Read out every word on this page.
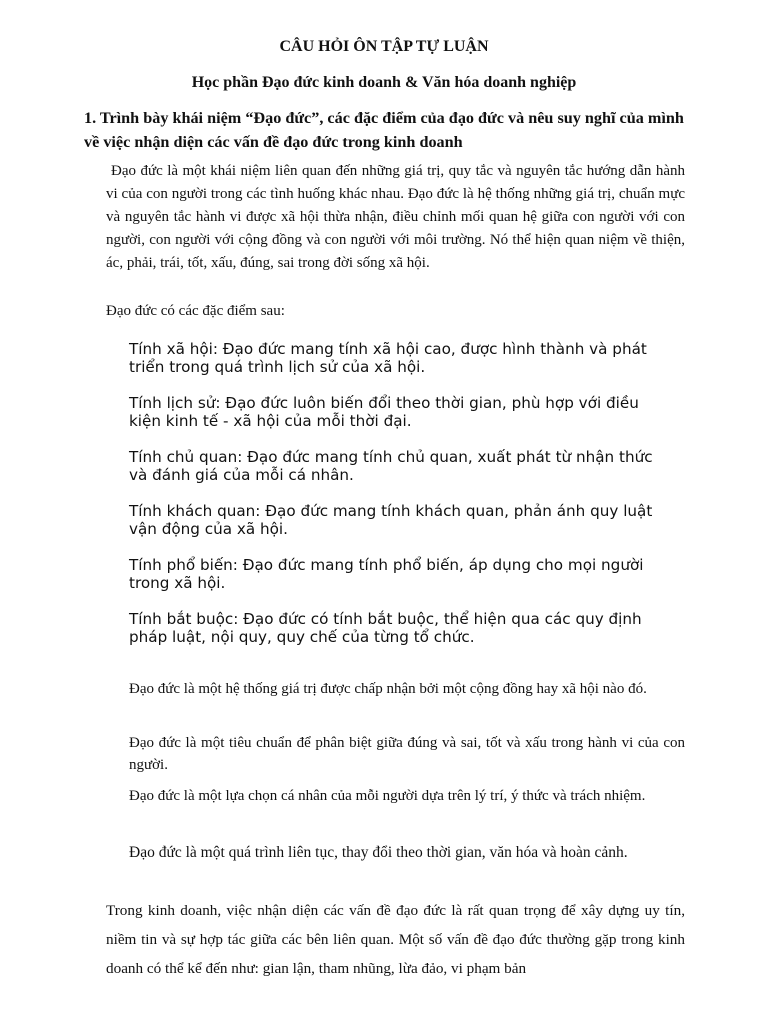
CÂU HỎI ÔN TẬP TỰ LUẬN
Học phần Đạo đức kinh doanh & Văn hóa doanh nghiệp
1. Trình bày khái niệm “Đạo đức”, các đặc điểm của đạo đức và nêu suy nghĩ của mình về việc nhận diện các vấn đề đạo đức trong kinh doanh
Đạo đức là một khái niệm liên quan đến những giá trị, quy tắc và nguyên tắc hướng dẫn hành vi của con người trong các tình huống khác nhau. Đạo đức là hệ thống những giá trị, chuẩn mực và nguyên tắc hành vi được xã hội thừa nhận, điều chỉnh mối quan hệ giữa con người với con người, con người với cộng đồng và con người với môi trường. Nó thể hiện quan niệm về thiện, ác, phải, trái, tốt, xấu, đúng, sai trong đời sống xã hội.
Đạo đức có các đặc điểm sau:
Tính xã hội: Đạo đức mang tính xã hội cao, được hình thành và phát triển trong quá trình lịch sử của xã hội.
Tính lịch sử: Đạo đức luôn biến đổi theo thời gian, phù hợp với điều kiện kinh tế - xã hội của mỗi thời đại.
Tính chủ quan: Đạo đức mang tính chủ quan, xuất phát từ nhận thức và đánh giá của mỗi cá nhân.
Tính khách quan: Đạo đức mang tính khách quan, phản ánh quy luật vận động của xã hội.
Tính phổ biến: Đạo đức mang tính phổ biến, áp dụng cho mọi người trong xã hội.
Tính bắt buộc: Đạo đức có tính bắt buộc, thể hiện qua các quy định pháp luật, nội quy, quy chế của từng tổ chức.
Đạo đức là một hệ thống giá trị được chấp nhận bởi một cộng đồng hay xã hội nào đó.
Đạo đức là một tiêu chuẩn để phân biệt giữa đúng và sai, tốt và xấu trong hành vi của con người.
Đạo đức là một lựa chọn cá nhân của mỗi người dựa trên lý trí, ý thức và trách nhiệm.
Đạo đức là một quá trình liên tục, thay đổi theo thời gian, văn hóa và hoàn cảnh.
Trong kinh doanh, việc nhận diện các vấn đề đạo đức là rất quan trọng để xây dựng uy tín, niềm tin và sự hợp tác giữa các bên liên quan. Một số vấn đề đạo đức thường gặp trong kinh doanh có thể kể đến như: gian lận, tham nhũng, lừa đảo, vi phạm bản
